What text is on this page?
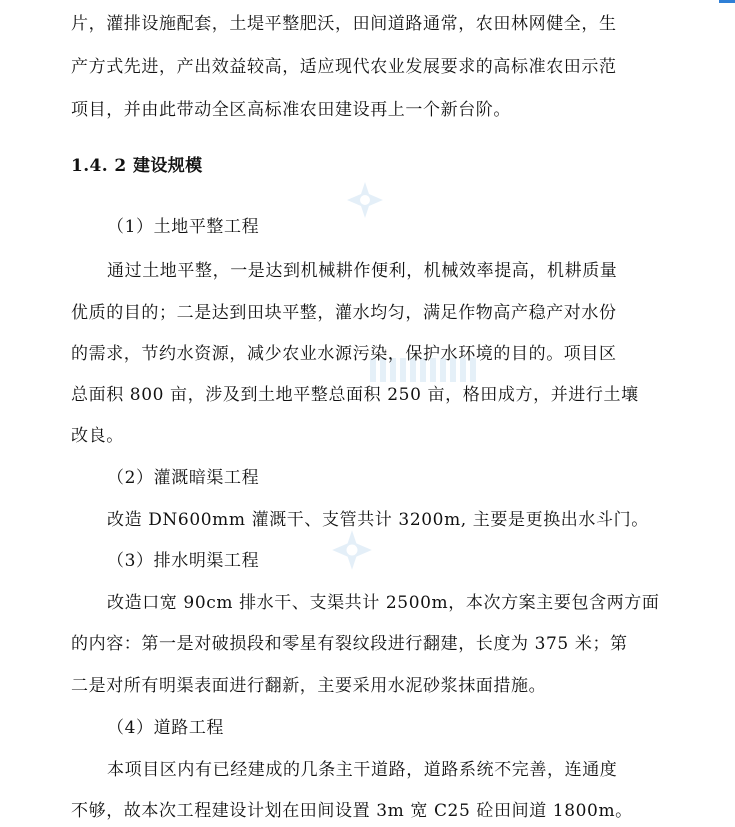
片，灌排设施配套，土堤平整肥沃，田间道路通常，农田林网健全，生
产方式先进，产出效益较高，适应现代农业发展要求的高标准农田示范
项目，并由此带动全区高标准农田建设再上一个新台阶。
1.4. 2 建设规模
（1）土地平整工程
通过土地平整，一是达到机械耕作便利，机械效率提高，机耕质量
优质的目的；二是达到田块平整，灌水均匀，满足作物高产稳产对水份
的需求，节约水资源，减少农业水源污染，保护水环境的目的。项目区
总面积 800 亩，涉及到土地平整总面积 250 亩，格田成方，并进行土壤
改良。
（2）灌溉暗渠工程
改造 DN600mm 灌溉干、支管共计 3200m, 主要是更换出水斗门。
（3）排水明渠工程
改造口宽 90cm 排水干、支渠共计 2500m，本次方案主要包含两方面
的内容：第一是对破损段和零星有裂纹段进行翻建，长度为 375 米；第
二是对所有明渠表面进行翻新，主要采用水泥砂浆抹面措施。
（4）道路工程
本项目区内有已经建成的几条主干道路，道路系统不完善，连通度
不够，故本次工程建设计划在田间设置 3m 宽 C25 砼田间道 1800m。
